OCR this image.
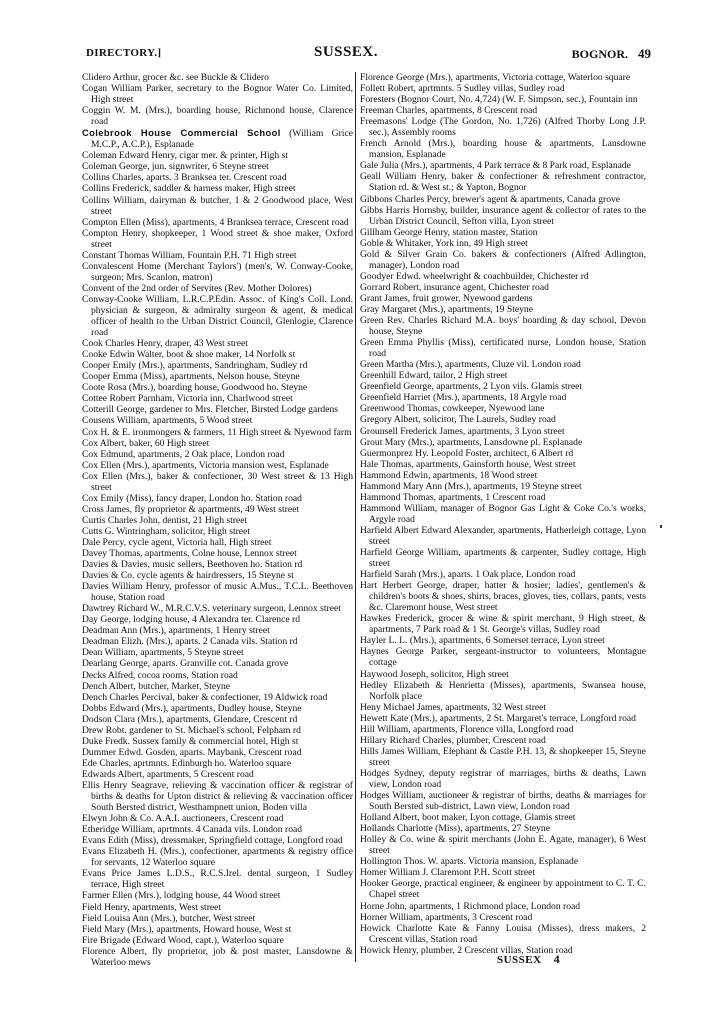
DIRECTORY.]	SUSSEX.	BOGNOR. 49

Clidero Arthur, grocer &c. see Buckle & Clidero

Cogan William Parker, secretary to the Bognor Water Co. Limited, High street

Coggin W. M. (Mrs.), boarding house, Richmond house, Clarence road

Colebrook House Commercial School (William Grice M.C.P., A.C.P.), Esplanade

Coleman Edward Henry, cigar mer. & printer, High st

Coleman George, jun. signwriter, 6 Steyne street

Collins Charles, aparts. 3 Branksea ter. Crescent road

Collins Frederick, saddler & harness maker, High street

Collins William, dairyman & butcher, 1 & 2 Goodwood place, West street

Compton Ellen (Miss), apartments, 4 Branksea terrace, Crescent road

Compton Henry, shopkeeper, 1 Wood street & shoe maker, Oxford street

Constant Thomas William, Fountain P.H. 71 High street

Convalescent Home (Merchant Taylors') (men's, W. Conway-Cooke, surgeon; Mrs. Scanlon, matron)

Convent of the 2nd order of Servites (Rev. Mother Dolores)

Conway-Cooke William, L.R.C.P.Edin. Assoc. of King's Coll. Lond. physician & surgeon, & admiralty surgeon & agent, & medical officer of health to the Urban District Council, Glenlogie, Clarence road

Cook Charles Henry, draper, 43 West street

Cooke Edwin Walter, boot & shoe maker, 14 Norfolk st

Cooper Emily (Mrs.), apartments, Sandringham, Sudley rd

Cooper Emma (Miss), apartments, Nelson house, Steyne

Coote Rosa (Mrs.), boarding house, Goodwood ho. Steyne

Cottee Robert Parnham, Victoria inn, Charlwood street

Cotterill George, gardener to Mrs. Fletcher, Birsted Lodge gardens

Cousens William, apartments, 5 Wood street

Cox H. & E. ironmongers & farmers, 11 High street & Nyewood farm

Cox Albert, baker, 60 High street

Cox Edmund, apartments, 2 Oak place, London road

Cox Ellen (Mrs.), apartments, Victoria mansion west, Esplanade

Cox Ellen (Mrs.), baker & confectioner, 30 West street & 13 High street

Cox Emily (Miss), fancy draper, London ho. Station road

Cross James, fly proprietor & apartments, 49 West street

Curtis Charles John, dentist, 21 High street

Cutts G. Wintringham, solicitor, High street

Dale Percy, cycle agent, Victoria hall, High street

Davey Thomas, apartments, Colne house, Lennox street

Davies & Davies, music sellers, Beethoven ho. Station rd

Davies & Co. cycle agents & hairdressers, 15 Steyne st

Davies William Henry, professor of music A.Mus., T.C.L. Beethoven house, Station road

Dawtrey Richard W., M.R.C.V.S. veterinary surgeon, Lennox street

Day George, lodging house, 4 Alexandra ter. Clarence rd

Deadman Ann (Mrs.), apartments, 1 Henry street

Deadman Elizh. (Mrs.), aparts. 2 Canada vils. Station rd

Dean William, apartments, 5 Steyne street

Dearlang George, aparts. Granville cot. Canada grove

Decks Alfred, cocoa rooms, Station road

Dench Albert, butcher, Market, Steyne

Dench Charles Percival, baker & confectioner, 19 Aldwick road

Dobbs Edward (Mrs.), apartments, Dudley house, Steyne

Dodson Clara (Mrs.), apartments, Glendare, Crescent rd

Drew Robt. gardener to St. Michael's school, Felpham rd

Duke Fredk. Sussex family & commercial hotel, High st

Dummer Edwd. Gosden, aparts. Maybank, Crescent road

Ede Charles, aprtmnts. Edinburgh ho. Waterloo square

Edwards Albert, apartments, 5 Crescent road

Ellis Henry Seagrave, relieving & vaccination officer & registrar of births & deaths for Upton district & relieving & vaccination officer South Bersted district, Westhampnett union, Boden villa

Elwyn John & Co. A.A.I. auctioneers, Crescent road

Etheridge William, aprtmnts. 4 Canada vils. London road

Evans Edith (Miss), dressmaker, Springfield cottage, Longford road

Evans Elizabeth H. (Mrs.), confectioner, apartments & registry office for servants, 12 Waterloo square

Evans Price James L.D.S., R.C.S.Irel. dental surgeon, 1 Sudley terrace, High street

Farmer Ellen (Mrs.), lodging house, 44 Wood street

Field Henry, apartments, West street

Field Louisa Ann (Mrs.), butcher, West street

Field Mary (Mrs.), apartments, Howard house, West st

Fire Brigade (Edward Wood, capt.), Waterloo square

Florence Albert, fly proprietor, job & post master, Lansdowne & Waterloo mews

Florence George (Mrs.), apartments, Victoria cottage, Waterloo square

Follett Robert, aprtmnts. 5 Sudley villas, Sudley road

Foresters (Bognor Court, No. 4,724) (W. F. Simpson, sec.), Fountain inn

Freeman Charles, apartments, 8 Crescent road

Freemasons' Lodge (The Gordon, No. 1,726) (Alfred Thorby Long J.P. sec.), Assembly rooms

French Arnold (Mrs.), boarding house & apartments, Lansdowne mansion, Esplanade

Gale Julia (Mrs.), apartments, 4 Park terrace & 8 Park road, Esplanade

Geall William Henry, baker & confectioner & refreshment contractor, Station rd. & West st.; & Yapton, Bognor

Gibbons Charles Percy, brewer's agent & apartments, Canada grove

Gibbs Harris Hornsby, builder, insurance agent & collector of rates to the Urban District Council, Sefton villa, Lyon street

Gillham George Henry, station master, Station

Goble & Whitaker, York inn, 49 High street

Gold & Silver Grain Co. bakers & confectioners (Alfred Adlington, manager), London road

Goodyer Edwd. wheelwright & coachbuilder, Chichester rd

Gorrard Robert, insurance agent, Chichester road

Grant James, fruit grower, Nyewood gardens

Gray Margaret (Mrs.), apartments, 19 Steyne

Green Rev. Charles Richard M.A. boys' boarding & day school, Devon house, Steyne

Green Emma Phyllis (Miss), certificated nurse, London house, Station road

Green Martha (Mrs.), apartments, Cluze vil. London road

Greenhill Edward, tailor, 2 High street

Greenfield George, apartments, 2 Lyon vils. Glamis street

Greenfield Harriet (Mrs.), apartments, 18 Argyle road

Greenwood Thomas, cowkeeper, Nyewood lane

Gregory Albert, solicitor, The Laurels, Sudley road

Grounsell Frederick James, apartments, 3 Lyon street

Grout Mary (Mrs.), apartments, Lansdowne pl. Esplanade

Guermonprez Hy. Leopold Foster, architect, 6 Albert rd

Hale Thomas, apartments, Gainsforth house, West street

Hammond Edwin, apartments, 18 Wood street

Hammond Mary Ann (Mrs.), apartments, 19 Steyne street

Hammond Thomas, apartments, 1 Crescent road

Hammond William, manager of Bognor Gas Light & Coke Co.'s works, Argyle road

Harfield Albert Edward Alexander, apartments, Hatherleigh cottage, Lyon street

Harfield George William, apartments & carpenter, Sudley cottage, High street

Harfield Sarah (Mrs.), aparts. 1 Oak place, London road

Hart Herbert George, draper, hatter & hosier; ladies', gentlemen's & children's boots & shoes, shirts, braces, gloves, ties, collars, pants, vests &c. Claremont house, West street

Hawkes Frederick, grocer & wine & spirit merchant, 9 High street, & apartments, 7 Park road & 1 St. George's villas, Sudley road

Hayler L. L. (Mrs.), apartments, 6 Somerset terrace, Lyon street

Haynes George Parker, sergeant-instructor to volunteers, Montague cottage

Haywood Joseph, solicitor, High street

Hedley Elizabeth & Henrietta (Misses), apartments, Swansea house, Norfolk place

Heny Michael James, apartments, 32 West street

Hewett Kate (Mrs.), apartments, 2 St. Margaret's terrace, Longford road

Hill William, apartments, Florence villa, Longford road

Hillary Richard Charles, plumber, Crescent road

Hills James William, Elephant & Castle P.H. 13, & shopkeeper 15, Steyne street

Hodges Sydney, deputy registrar of marriages, births & deaths, Lawn view, London road

Hodges William, auctioneer & registrar of births, deaths & marriages for South Bersted sub-district, Lawn view, London road

Holland Albert, boot maker, Lyon cottage, Glamis street

Hollands Charlotte (Miss), apartments, 27 Steyne

Holley & Co. wine & spirit merchants (John E. Agate, manager), 6 West street

Hollington Thos. W. aparts. Victoria mansion, Esplanade

Homer William J. Claremont P.H. Scott street

Hooker George, practical engineer, & engineer by appointment to C. T. C. Chapel street

Horne John, apartments, 1 Richmond place, London road

Horner William, apartments, 3 Crescent road

Howick Charlotte Kate & Fanny Louisa (Misses), dress makers, 2 Crescent villas, Station road

Howick Henry, plumber, 2 Crescent villas, Station road

SUSSEX 4
